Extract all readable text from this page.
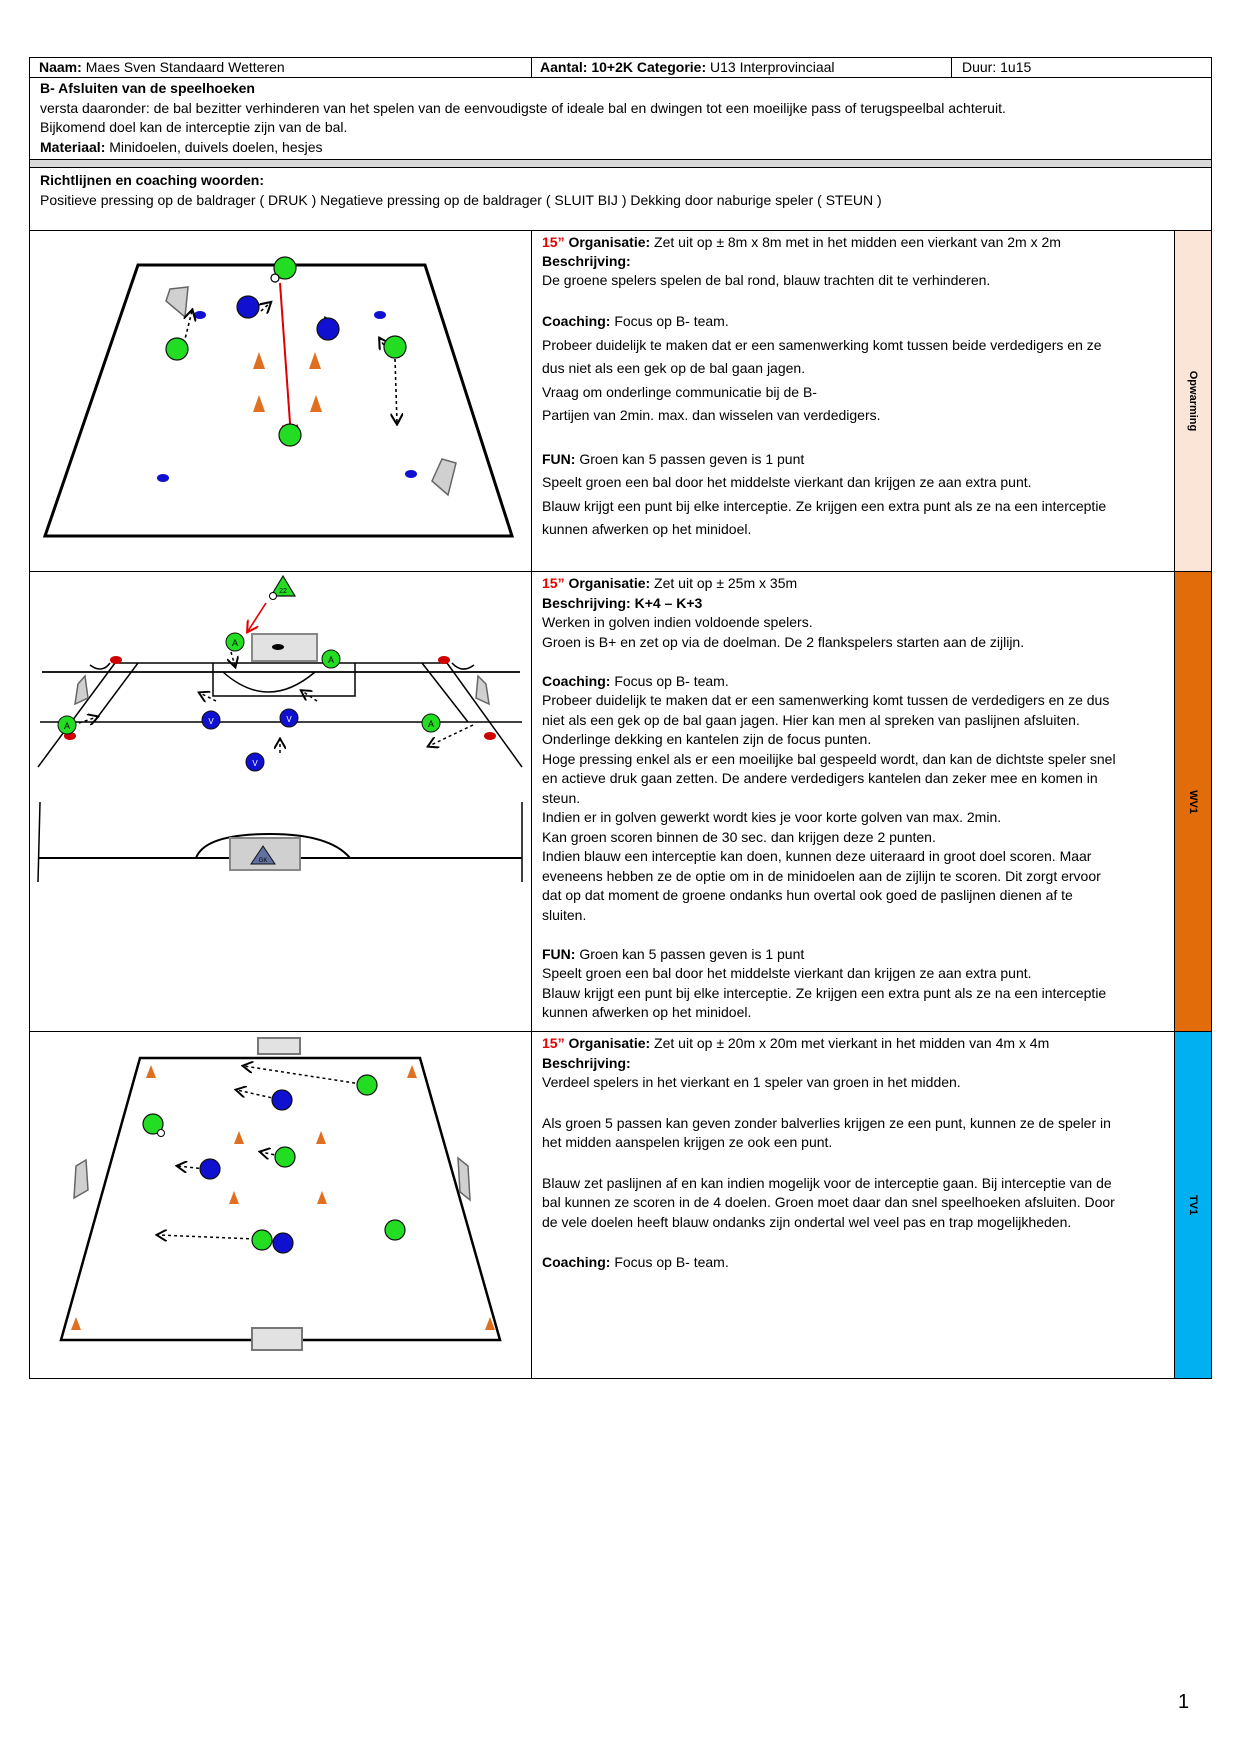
Naam: Maes Sven Standaard Wetteren	Aantal: 10+2K Categorie: U13 Interprovinciaal	Duur: 1u15
B- Afsluiten van de speelhoeken
versta daaronder: de bal bezitter verhinderen van het spelen van de eenvoudigste of ideale bal en dwingen tot een moeilijke pass of terugspeelbal achteruit.
Bijkomend doel kan de interceptie zijn van de bal.
Materiaal: Minidoelen, duivels doelen, hesjes
Richtlijnen en coaching woorden:
Positieve pressing op de baldrager ( DRUK ) Negatieve pressing op de baldrager ( SLUIT BIJ ) Dekking door naburige speler ( STEUN )

15” Organisatie: Zet uit op ± 8m x 8m met in het midden een vierkant van 2m x 2m

Beschrijving:

De groene spelers spelen de bal rond, blauw trachten dit te verhinderen.

Coaching: Focus op B- team.

Probeer duidelijk te maken dat er een samenwerking komt tussen beide verdedigers en ze

dus niet als een gek op de bal gaan jagen.

Vraag om onderlinge communicatie bij de B-

Partijen van 2min. max. dan wisselen van verdedigers.

FUN: Groen kan 5 passen geven is 1 punt

Speelt groen een bal door het middelste vierkant dan krijgen ze aan extra punt.

Blauw krijgt een punt bij elke interceptie. Ze krijgen een extra punt als ze na een interceptie

kunnen afwerken op het minidoel.

Opwarming
22
A
A
A	A
V	V
V
GK

15” Organisatie: Zet uit op ± 25m x 35m

Beschrijving: K+4 – K+3

Werken in golven indien voldoende spelers.

Groen is B+ en zet op via de doelman. De 2 flankspelers starten aan de zijlijn.

Coaching: Focus op B- team.

Probeer duidelijk te maken dat er een samenwerking komt tussen de verdedigers en ze dus

niet als een gek op de bal gaan jagen. Hier kan men al spreken van paslijnen afsluiten.

Onderlinge dekking en kantelen zijn de focus punten.

Hoge pressing enkel als er een moeilijke bal gespeeld wordt, dan kan de dichtste speler snel

en actieve druk gaan zetten. De andere verdedigers kantelen dan zeker mee en komen in

steun.

Indien er in golven gewerkt wordt kies je voor korte golven van max. 2min.

Kan groen scoren binnen de 30 sec. dan krijgen deze 2 punten.

Indien blauw een interceptie kan doen, kunnen deze uiteraard in groot doel scoren. Maar

eveneens hebben ze de optie om in de minidoelen aan de zijlijn te scoren. Dit zorgt ervoor

dat op dat moment de groene ondanks hun overtal ook goed de paslijnen dienen af te

sluiten.

FUN: Groen kan 5 passen geven is 1 punt

Speelt groen een bal door het middelste vierkant dan krijgen ze aan extra punt.

Blauw krijgt een punt bij elke interceptie. Ze krijgen een extra punt als ze na een interceptie

kunnen afwerken op het minidoel.

WV1

15” Organisatie: Zet uit op ± 20m x 20m met vierkant in het midden van 4m x 4m

Beschrijving:

Verdeel spelers in het vierkant en 1 speler van groen in het midden.

Als groen 5 passen kan geven zonder balverlies krijgen ze een punt, kunnen ze de speler in

het midden aanspelen krijgen ze ook een punt.

Blauw zet paslijnen af en kan indien mogelijk voor de interceptie gaan. Bij interceptie van de

bal kunnen ze scoren in de 4 doelen. Groen moet daar dan snel speelhoeken afsluiten. Door

de vele doelen heeft blauw ondanks zijn ondertal wel veel pas en trap mogelijkheden.

Coaching: Focus op B- team.

TV1
1
